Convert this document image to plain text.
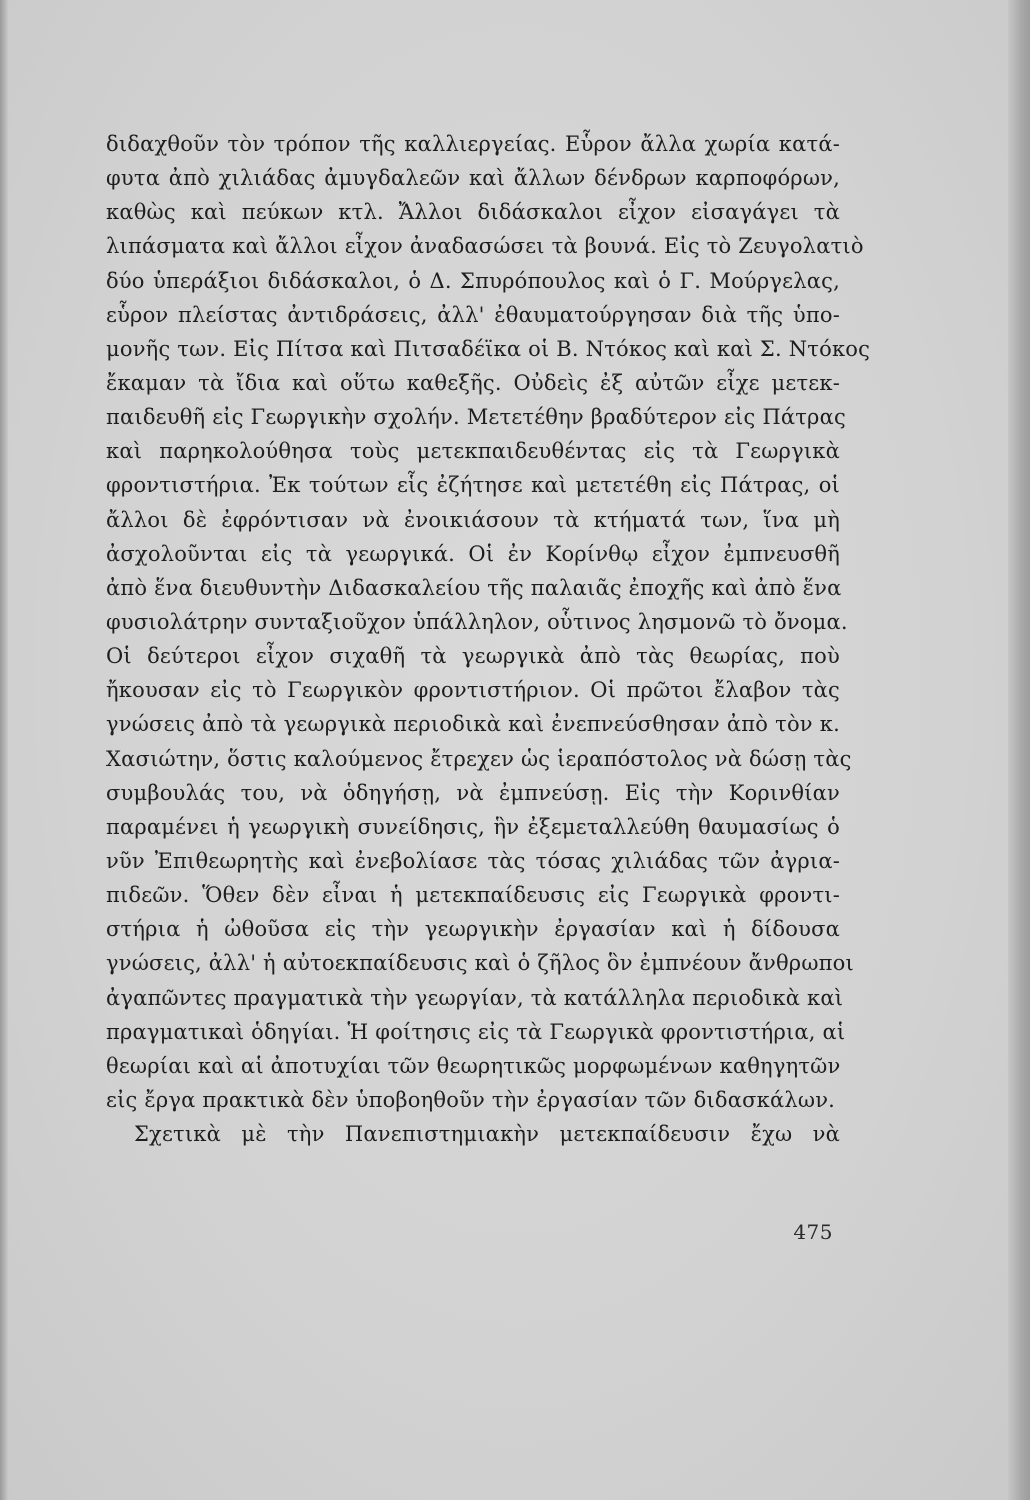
διδαχθοῦν τὸν τρόπον τῆς καλλιεργείας. Εὗρον ἄλλα χωρία κατά-
φυτα ἀπὸ χιλιάδας ἀμυγδαλεῶν καὶ ἄλλων δένδρων καρποφόρων,
καθὼς καὶ πεύκων κτλ. Ἄλλοι διδάσκαλοι εἶχον εἰσαγάγει τὰ
λιπάσματα καὶ ἄλλοι εἶχον ἀναδασώσει τὰ βουνά. Εἰς τὸ Ζευγολατιὸ
δύο ὑπεράξιοι διδάσκαλοι, ὁ Δ. Σπυρόπουλος καὶ ὁ Γ. Μούργελας,
εὗρον πλείστας ἀντιδράσεις, ἀλλ' ἐθαυματούργησαν διὰ τῆς ὑπο-
μονῆς των. Εἰς Πίτσα καὶ Πιτσαδέϊκα οἱ Β. Ντόκος καὶ καὶ Σ. Ντόκος
ἔκαμαν τὰ ἴδια καὶ οὕτω καθεξῆς. Οὐδεὶς ἐξ αὐτῶν εἶχε μετεκ-
παιδευθῆ εἰς Γεωργικὴν σχολήν. Μετετέθην βραδύτερον εἰς Πάτρας
καὶ παρηκολούθησα τοὺς μετεκπαιδευθέντας εἰς τὰ Γεωργικὰ
φροντιστήρια. Ἐκ τούτων εἷς ἐζήτησε καὶ μετετέθη εἰς Πάτρας, οἱ
ἄλλοι δὲ ἐφρόντισαν νὰ ἐνοικιάσουν τὰ κτήματά των, ἵνα μὴ
ἀσχολοῦνται εἰς τὰ γεωργικά. Οἱ ἐν Κορίνθῳ εἶχον ἐμπνευσθῆ
ἀπὸ ἕνα διευθυντὴν Διδασκαλείου τῆς παλαιᾶς ἐποχῆς καὶ ἀπὸ ἕνα
φυσιολάτρην συνταξιοῦχον ὑπάλληλον, οὗτινος λησμονῶ τὸ ὄνομα.
Οἱ δεύτεροι εἶχον σιχαθῆ τὰ γεωργικὰ ἀπὸ τὰς θεωρίας, ποὺ
ἤκουσαν εἰς τὸ Γεωργικὸν φροντιστήριον. Οἱ πρῶτοι ἔλαβον τὰς
γνώσεις ἀπὸ τὰ γεωργικὰ περιοδικὰ καὶ ἐνεπνεύσθησαν ἀπὸ τὸν κ.
Χασιώτην, ὅστις καλούμενος ἔτρεχεν ὡς ἱεραπόστολος νὰ δώσῃ τὰς
συμβουλάς του, νὰ ὁδηγήσῃ, νὰ ἐμπνεύσῃ. Εἰς τὴν Κορινθίαν
παραμένει ἡ γεωργικὴ συνείδησις, ἣν ἐξεμεταλλεύθη θαυμασίως ὁ
νῦν Ἐπιθεωρητὴς καὶ ἐνεβολίασε τὰς τόσας χιλιάδας τῶν ἀγρια-
πιδεῶν. Ὅθεν δὲν εἶναι ἡ μετεκπαίδευσις εἰς Γεωργικὰ φροντι-
στήρια ἡ ὠθοῦσα εἰς τὴν γεωργικὴν ἐργασίαν καὶ ἡ δίδουσα
γνώσεις, ἀλλ' ἡ αὐτοεκπαίδευσις καὶ ὁ ζῆλος ὃν ἐμπνέουν ἄνθρωποι
ἀγαπῶντες πραγματικὰ τὴν γεωργίαν, τὰ κατάλληλα περιοδικὰ καὶ
πραγματικαὶ ὁδηγίαι. Ἡ φοίτησις εἰς τὰ Γεωργικὰ φροντιστήρια, αἱ
θεωρίαι καὶ αἱ ἀποτυχίαι τῶν θεωρητικῶς μορφωμένων καθηγητῶν
εἰς ἔργα πρακτικὰ δὲν ὑποβοηθοῦν τὴν ἐργασίαν τῶν διδασκάλων.
Σχετικὰ μὲ τὴν Πανεπιστημιακὴν μετεκπαίδευσιν ἔχω νὰ
475
